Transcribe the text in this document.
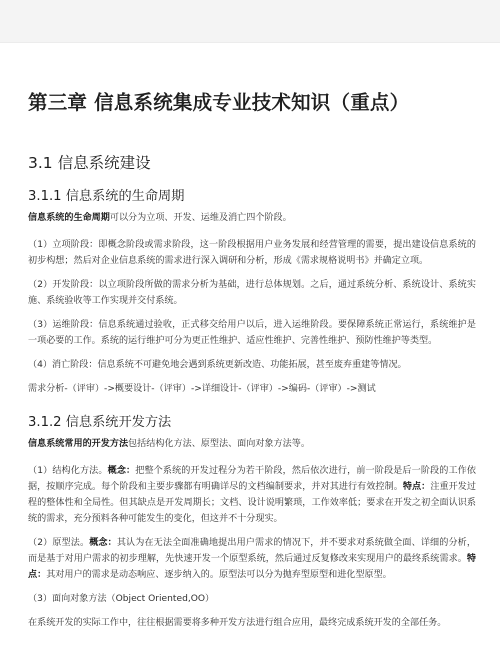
第三章 信息系统集成专业技术知识（重点）
3.1 信息系统建设
3.1.1 信息系统的生命周期

信息系统的生命周期可以分为立项、开发、运维及消亡四个阶段。

（1）立项阶段：即概念阶段或需求阶段，这一阶段根据用户业务发展和经营管理的需要，提出建设信息系统的初步构想；然后对企业信息系统的需求进行深入调研和分析，形成《需求规格说明书》并确定立项。

（2）开发阶段：以立项阶段所做的需求分析为基础，进行总体规划。之后，通过系统分析、系统设计、系统实施、系统验收等工作实现并交付系统。

（3）运维阶段：信息系统通过验收，正式移交给用户以后，进入运维阶段。要保障系统正常运行，系统维护是一项必要的工作。系统的运行维护可分为更正性维护、适应性维护、完善性维护、预防性维护等类型。

（4）消亡阶段：信息系统不可避免地会遇到系统更新改造、功能拓展，甚至废弃重建等情况。

需求分析-（评审）->概要设计-（评审）->详细设计-（评审）->编码-（评审）->测试

3.1.2 信息系统开发方法

信息系统常用的开发方法包括结构化方法、原型法、面向对象方法等。

（1）结构化方法。概念：把整个系统的开发过程分为若干阶段，然后依次进行，前一阶段是后一阶段的工作依据，按顺序完成。每个阶段和主要步骤都有明确详尽的文档编制要求，并对其进行有效控制。特点：注重开发过程的整体性和全局性。但其缺点是开发周期长；文档、设计说明繁琐，工作效率低；要求在开发之初全面认识系统的需求，充分预料各种可能发生的变化，但这并不十分现实。

（2）原型法。概念：其认为在无法全面准确地提出用户需求的情况下，并不要求对系统做全面、详细的分析，而是基于对用户需求的初步理解，先快速开发一个原型系统，然后通过反复修改来实现用户的最终系统需求。特点：其对用户的需求是动态响应、逐步纳入的。原型法可以分为抛弃型原型和进化型原型。

（3）面向对象方法（Object Oriented,OO）

在系统开发的实际工作中，往往根据需要将多种开发方法进行组合应用，最终完成系统开发的全部任务。
